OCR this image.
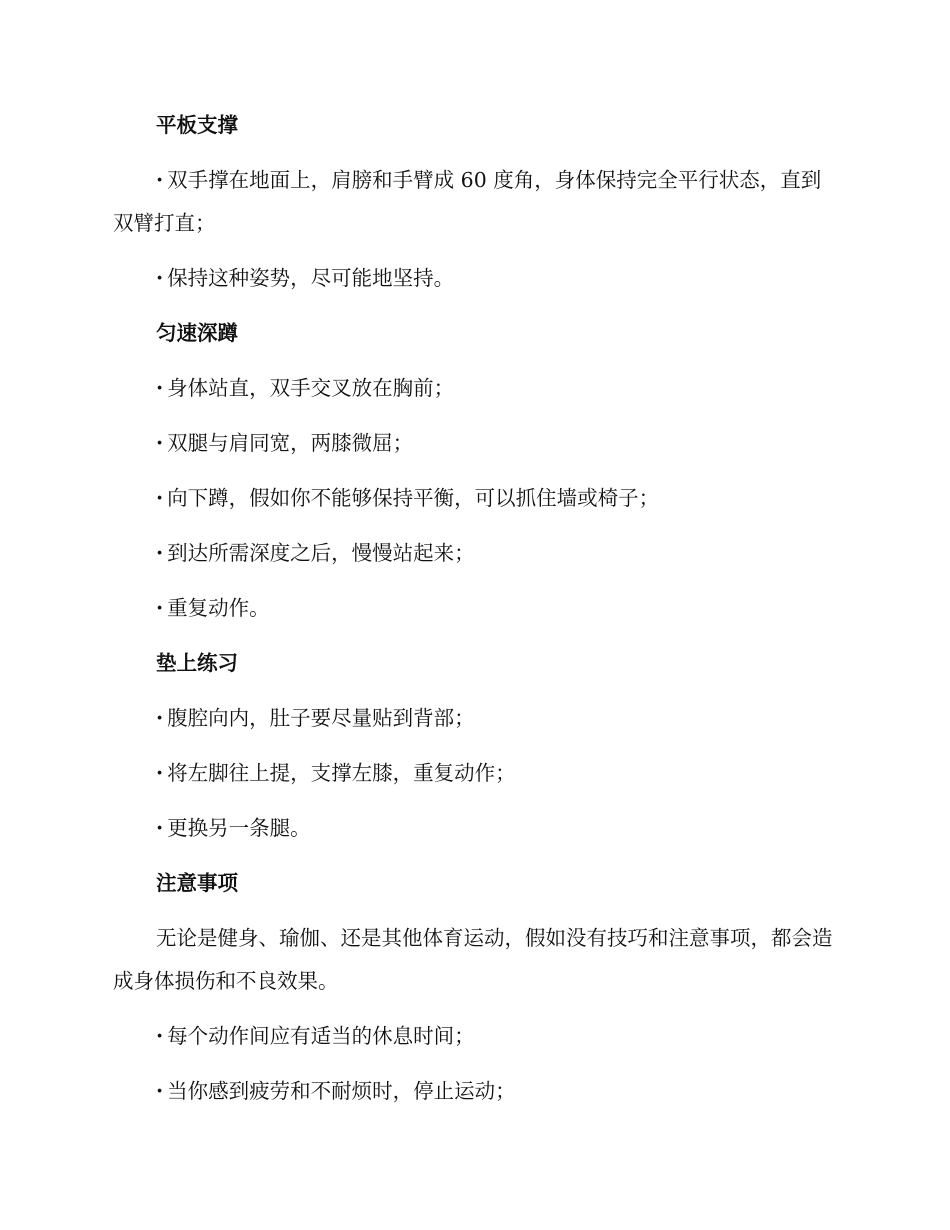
平板支撑
· 双手撑在地面上，肩膀和手臂成 60 度角，身体保持完全平行状态，直到双臂打直；
· 保持这种姿势，尽可能地坚持。
匀速深蹲
· 身体站直，双手交叉放在胸前；
· 双腿与肩同宽，两膝微屈；
· 向下蹲，假如你不能够保持平衡，可以抓住墙或椅子；
· 到达所需深度之后，慢慢站起来；
· 重复动作。
垫上练习
· 腹腔向内，肚子要尽量贴到背部；
· 将左脚往上提，支撑左膝，重复动作；
· 更换另一条腿。
注意事项
无论是健身、瑜伽、还是其他体育运动，假如没有技巧和注意事项，都会造成身体损伤和不良效果。
· 每个动作间应有适当的休息时间；
· 当你感到疲劳和不耐烦时，停止运动；
